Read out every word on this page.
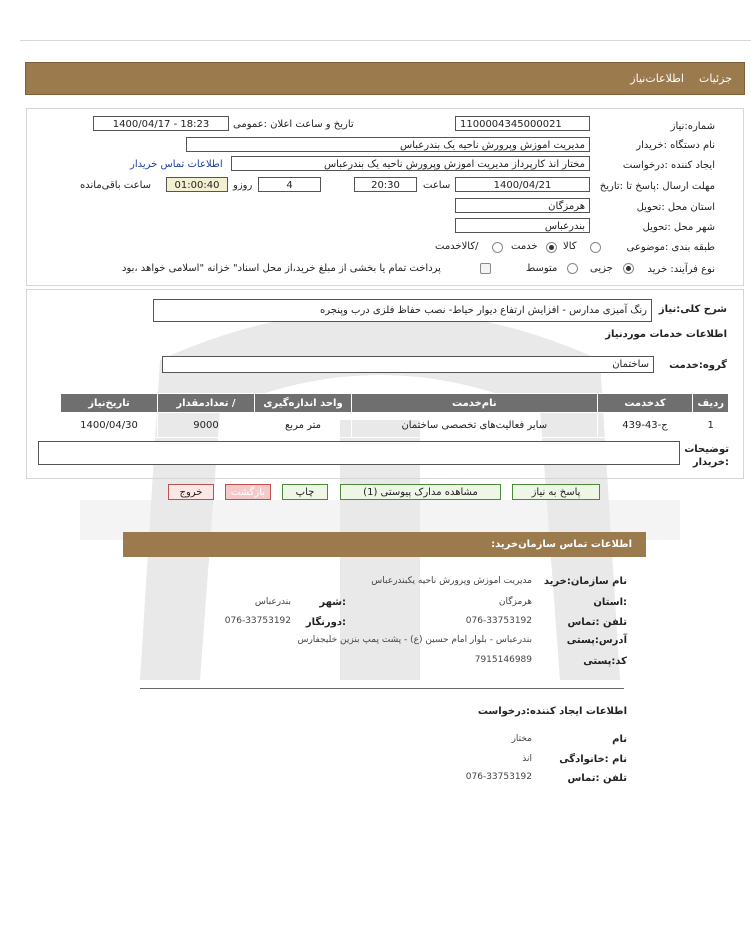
جزئیات
اطلاعات‌نیاز
شماره:نیاز
1100004345000021
تاریخ و ساعت اعلان :عمومی
1400/04/17 - 18:23
نام دستگاه :خریدار
مدیریت اموزش وپرورش ناحیه یک بندرعباس
ایجاد کننده :درخواست
مختار انذ کارپرداز مدیریت اموزش وپرورش ناحیه یک بندرعباس
اطلاعات تماس خریدار
مهلت ارسال :پاسخ تا :تاریخ
1400/04/21
ساعت
20:30
4
روزو
01:00:40
ساعت باقی‌مانده
استان محل :تحویل
هرمزگان
شهر محل :تحویل
بندرعباس
طبقه بندی :موضوعی
کالا
خدمت
/کالاخدمت
نوع فرآیند: خرید
جزیی
متوسط
پرداخت تمام یا بخشی از مبلغ خرید،از محل اسناد" خزانه "اسلامی خواهد ،بود
شرح کلی:نیاز
رنگ آمیزی مدارس - افزایش ارتفاع دیوار حیاط- نصب حفاظ فلزی درب وپنجره
اطلاعات خدمات موردنیاز
گروه:خدمت
ساختمان
ردیف	کدخدمت	نام‌خدمت	واحد اندازه‌گیری	/ تعدادمقدار	تاریخ‌نیاز
1	ج-43-439	سایر فعالیت‌های تخصصی ساختمان	متر مربع	9000	1400/04/30
توضیحات :خریدار
پاسخ به نیاز
مشاهده مدارک پیوستی (1)
چاپ
بازگشت
خروج
اطلاعات تماس سازمان‌خرید:
نام سازمان:خرید
مدیریت اموزش وپرورش ناحیه یکبندرعباس
:استان
هرمزگان
:شهر
بندرعباس
تلفن :تماس
076-33753192
:دورنگار
076-33753192
آدرس:پستی
بندرعباس - بلوار امام حسین (ع) - پشت پمپ بنزین خلیجفارس
کد:پستی
7915146989
اطلاعات ایجاد کننده:درخواست
نام
مختار
نام :خانوادگی
انذ
تلفن :تماس
076-33753192
